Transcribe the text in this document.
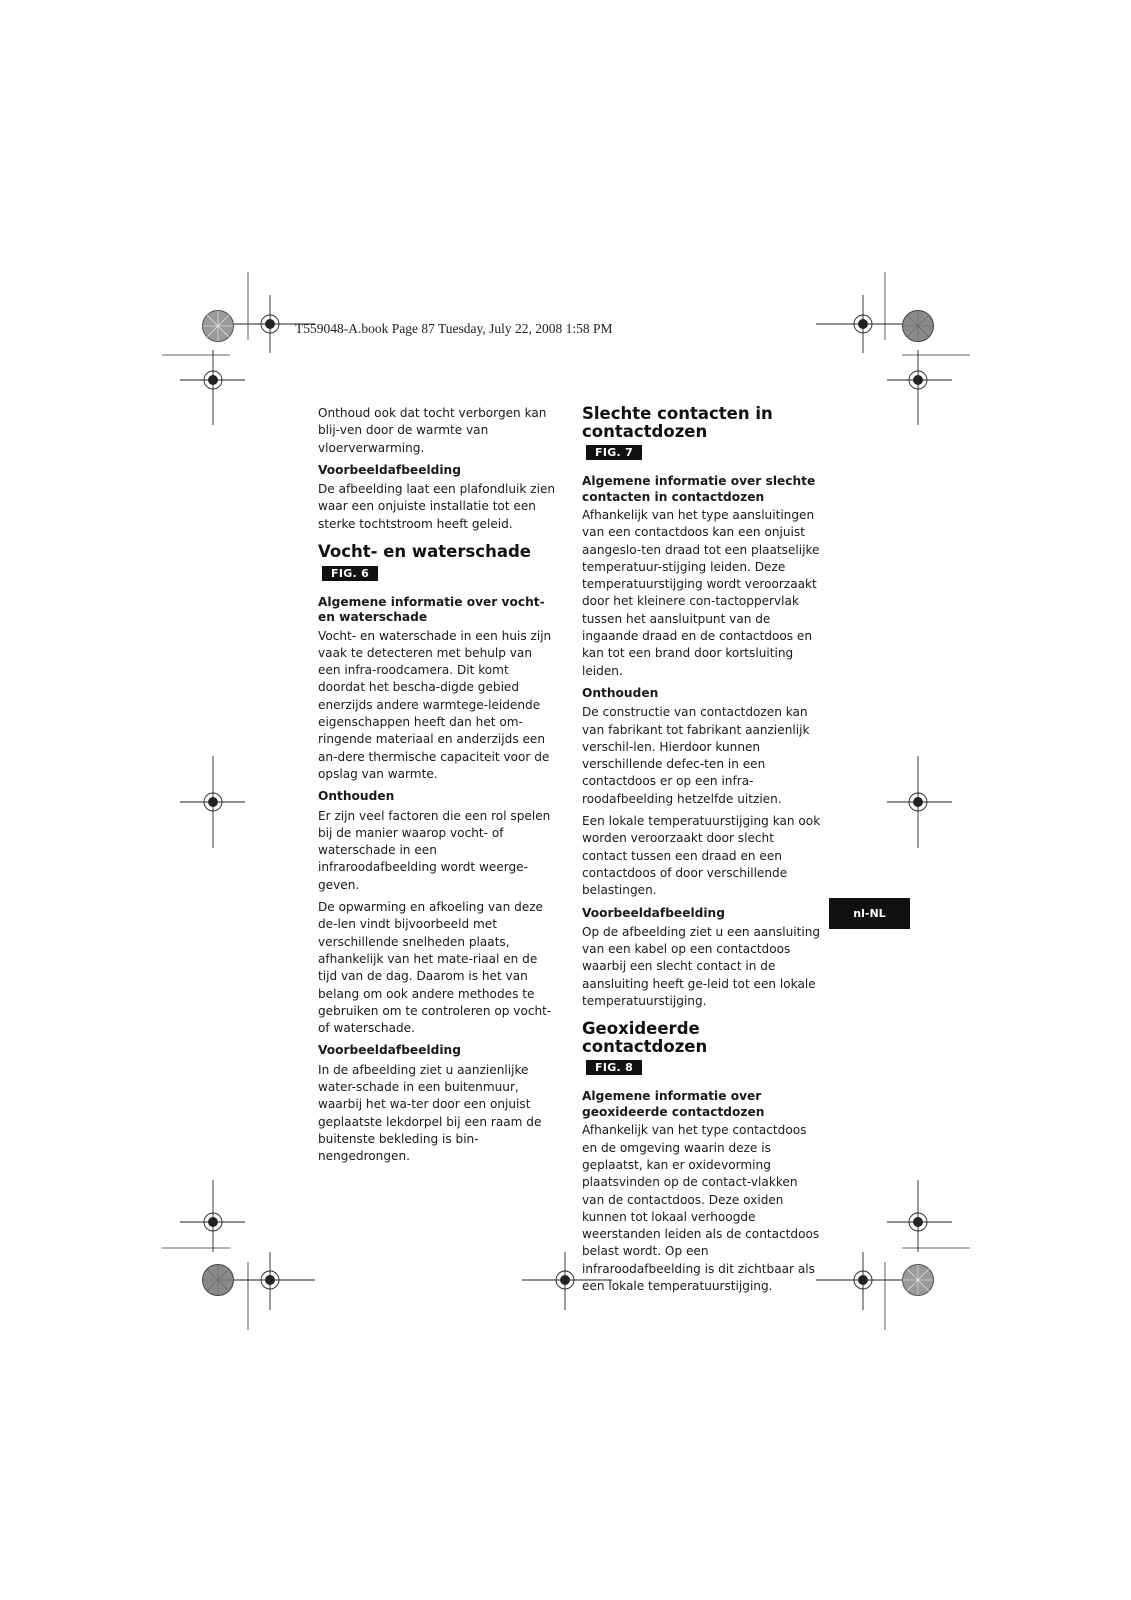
T559048-A.book Page 87 Tuesday, July 22, 2008 1:58 PM

Onthoud ook dat tocht verborgen kan blij-ven door de warmte van vloerverwarming.

Voorbeeldafbeelding

De afbeelding laat een plafondluik zien waar een onjuiste installatie tot een sterke tochtstroom heeft geleid.

Vocht- en waterschade
FIG. 6
Algemene informatie over vocht- en waterschade

Vocht- en waterschade in een huis zijn vaak te detecteren met behulp van een infra-roodcamera. Dit komt doordat het bescha-digde gebied enerzijds andere warmtege-leidende eigenschappen heeft dan het om-ringende materiaal en anderzijds een an-dere thermische capaciteit voor de opslag van warmte.

Onthouden

Er zijn veel factoren die een rol spelen bij de manier waarop vocht- of waterschade in een infraroodafbeelding wordt weerge-geven.

De opwarming en afkoeling van deze de-len vindt bijvoorbeeld met verschillende snelheden plaats, afhankelijk van het mate-riaal en de tijd van de dag. Daarom is het van belang om ook andere methodes te gebruiken om te controleren op vocht- of waterschade.

Voorbeeldafbeelding

In de afbeelding ziet u aanzienlijke water-schade in een buitenmuur, waarbij het wa-ter door een onjuist geplaatste lekdorpel bij een raam de buitenste bekleding is bin-nengedrongen.

Slechte contacten in contactdozen
FIG. 7
Algemene informatie over slechte contacten in contactdozen

Afhankelijk van het type aansluitingen van een contactdoos kan een onjuist aangeslo-ten draad tot een plaatselijke temperatuur-stijging leiden. Deze temperatuurstijging wordt veroorzaakt door het kleinere con-tactoppervlak tussen het aansluitpunt van de ingaande draad en de contactdoos en kan tot een brand door kortsluiting leiden.

Onthouden

De constructie van contactdozen kan van fabrikant tot fabrikant aanzienlijk verschil-len. Hierdoor kunnen verschillende defec-ten in een contactdoos er op een infra-roodafbeelding hetzelfde uitzien.

Een lokale temperatuurstijging kan ook worden veroorzaakt door slecht contact tussen een draad en een contactdoos of door verschillende belastingen.

Voorbeeldafbeelding

Op de afbeelding ziet u een aansluiting van een kabel op een contactdoos waarbij een slecht contact in de aansluiting heeft ge-leid tot een lokale temperatuurstijging.

Geoxideerde contactdozen
FIG. 8
Algemene informatie over geoxideerde contactdozen

Afhankelijk van het type contactdoos en de omgeving waarin deze is geplaatst, kan er oxidevorming plaatsvinden op de contact-vlakken van de contactdoos. Deze oxiden kunnen tot lokaal verhoogde weerstanden leiden als de contactdoos belast wordt. Op een infraroodafbeelding is dit zichtbaar als een lokale temperatuurstijging.

nl-NL
